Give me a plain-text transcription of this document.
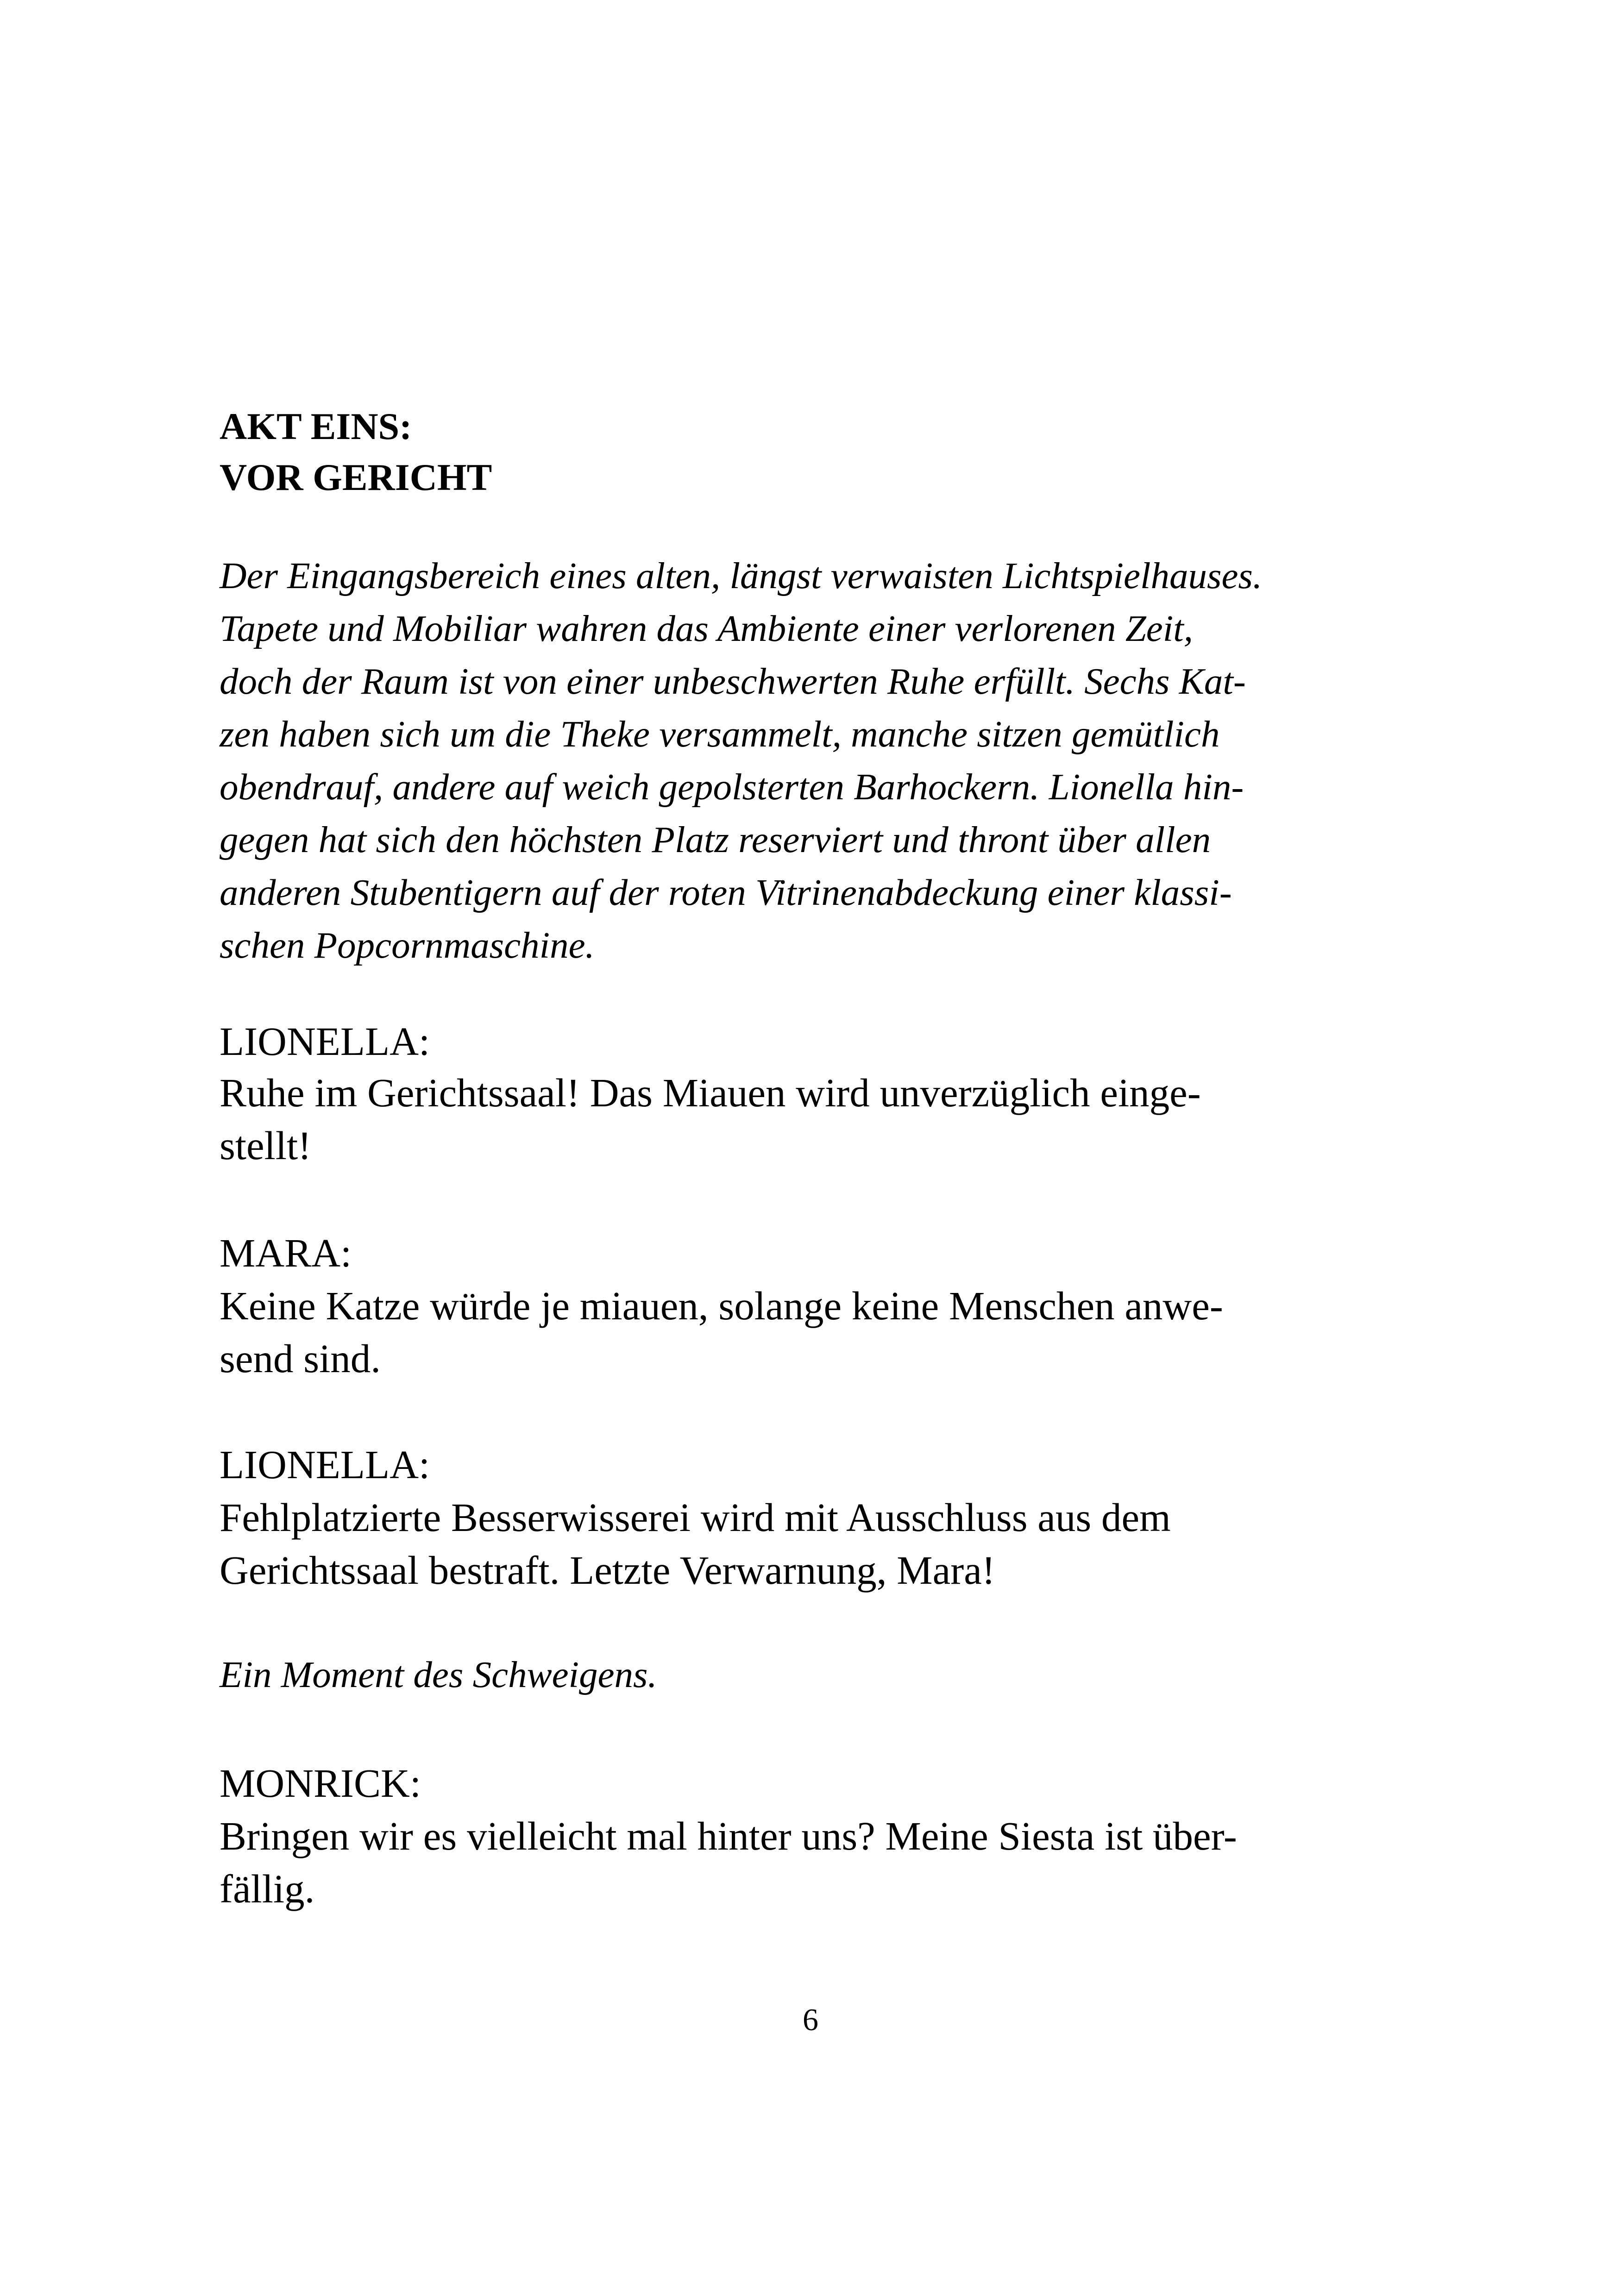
AKT EINS:
VOR GERICHT
Der Eingangsbereich eines alten, längst verwaisten Lichtspielhauses.
Tapete und Mobiliar wahren das Ambiente einer verlorenen Zeit,
doch der Raum ist von einer unbeschwerten Ruhe erfüllt. Sechs Kat-
zen haben sich um die Theke versammelt, manche sitzen gemütlich
obendrauf, andere auf weich gepolsterten Barhockern. Lionella hin-
gegen hat sich den höchsten Platz reserviert und thront über allen
anderen Stubentigern auf der roten Vitrinenabdeckung einer klassi-
schen Popcornmaschine.
LIONELLA:
Ruhe im Gerichtssaal! Das Miauen wird unverzüglich einge-
stellt!
MARA:
Keine Katze würde je miauen, solange keine Menschen anwe-
send sind.
LIONELLA:
Fehlplatzierte Besserwisserei wird mit Ausschluss aus dem
Gerichtssaal bestraft. Letzte Verwarnung, Mara!
Ein Moment des Schweigens.
MONRICK:
Bringen wir es vielleicht mal hinter uns? Meine Siesta ist über-
fällig.
6
